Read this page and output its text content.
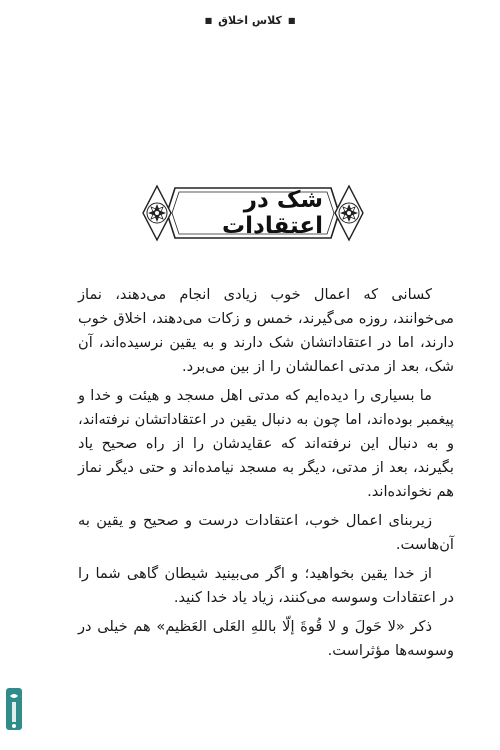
■
کلاس اخلاق
■
شک در اعتقادات

کسانی که اعمال خوب زیادی انجام می‌دهند، نماز می‌خوانند، روزه می‌گیرند، خمس و زکات می‌دهند، اخلاق خوب دارند، اما در اعتقاداتشان شک دارند و به یقین نرسیده‌اند، آن شک، بعد از مدتی اعمالشان را از بین می‌برد.

ما بسیاری را دیده‌ایم که مدتی اهل مسجد و هیئت و خدا و پیغمبر بوده‌اند، اما چون به دنبال یقین در اعتقاداتشان نرفته‌اند، و به دنبال این نرفته‌اند که عقایدشان را از راه صحیح یاد بگیرند، بعد از مدتی، دیگر به مسجد نیامده‌اند و حتی دیگر نماز هم نخوانده‌اند.

زیربنای اعمال خوب، اعتقادات درست و صحیح و یقین به آن‌هاست.

از خدا یقین بخواهید؛ و اگر می‌بینید شیطان گاهی شما را در اعتقادات وسوسه می‌کنند، زیاد یاد خدا کنید.

ذکر «لا حَولَ و لا قُوةَ إلّا باللهِ العَلی العَظیم» هم خیلی در وسوسه‌ها مؤثراست.
